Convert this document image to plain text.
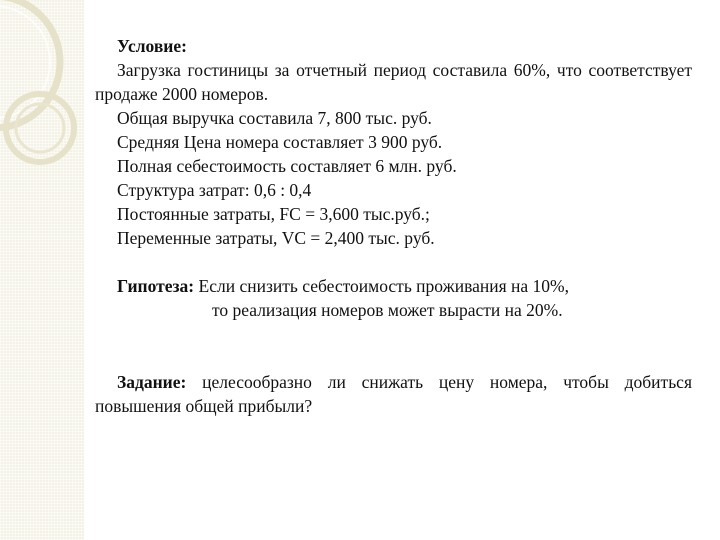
Условие:

Загрузка гостиницы за отчетный период составила 60%, что соответствует продаже 2000 номеров.

Общая выручка составила 7, 800 тыс. руб.

Средняя Цена номера составляет 3 900 руб.

Полная себестоимость составляет 6 млн. руб.

Структура затрат: 0,6 : 0,4

Постоянные затраты, FC = 3,600 тыс.руб.;

Переменные затраты, VC = 2,400 тыс. руб.

Гипотеза: Если снизить себестоимость проживания на 10%,

то реализация номеров может вырасти на 20%.

Задание: целесообразно ли снижать цену номера, чтобы добиться повышения общей прибыли?
